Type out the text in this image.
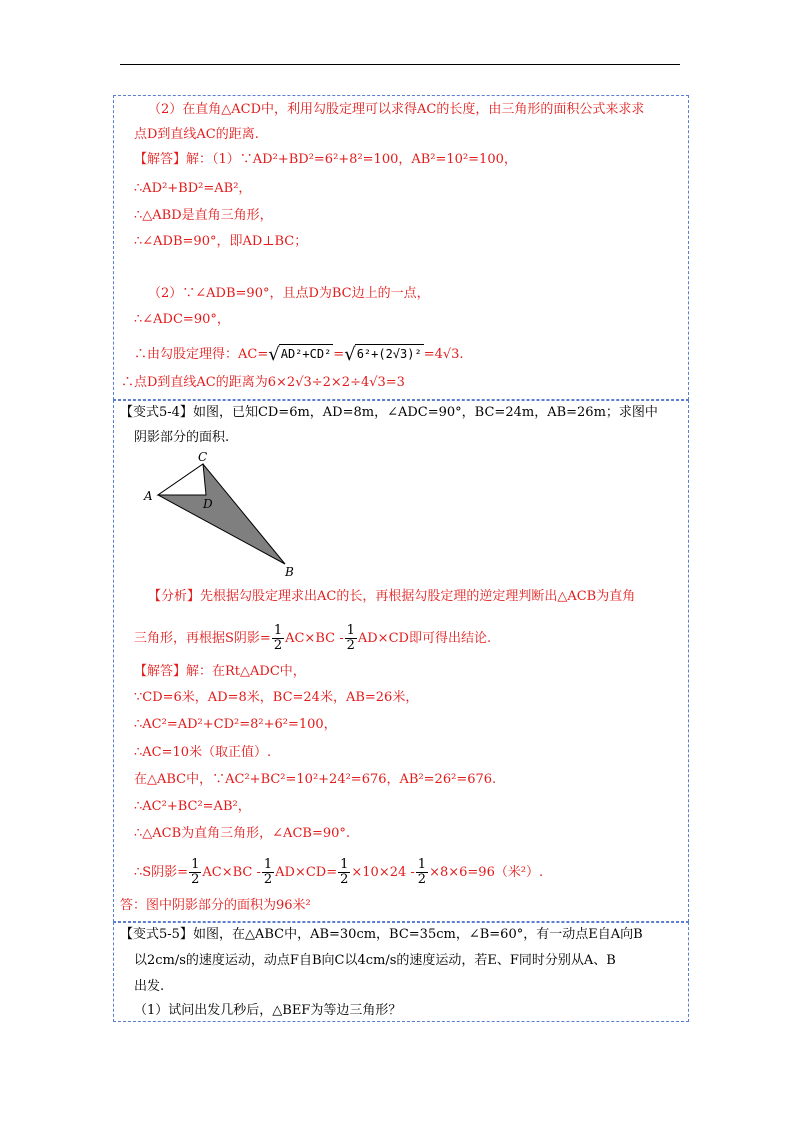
（2）在直角△ACD中，利用勾股定理可以求得AC的长度，由三角形的面积公式来求求
点D到直线AC的距离.
【解答】解：（1）∵AD²+BD²=6²+8²=100，AB²=10²=100，
∴AD²+BD²=AB²，
∴△ABD是直角三角形，
∴∠ADB=90°，即AD⊥BC；
（2）∵∠ADB=90°，且点D为BC边上的一点，
∴∠ADC=90°，
∴由勾股定理得：AC=√AD²+CD² =√6²+(2√3)² =4√3.
∴点D到直线AC的距离为6×2√3÷2×2÷4√3=3
【变式5-4】如图，已知CD=6m，AD=8m，∠ADC=90°，BC=24m，AB=26m；求图中
阴影部分的面积.
C
A
D
B
【分析】先根据勾股定理求出AC的长，再根据勾股定理的逆定理判断出△ACB为直角
三角形，再根据S阴影= $\frac{1}{2} AC\times BC - \frac{1}{2} AD\times CD$即可得出结论.
【解答】解：在Rt△ADC中，
∵CD=6米，AD=8米，BC=24米，AB=26米，
∴AC²=AD²+CD²=8²+6²=100，
∴AC=10米（取正值）.
在△ABC中，∵AC²+BC²=10²+24²=676，AB²=26²=676.
∴AC²+BC²=AB²，
∴△ACB为直角三角形，∠ACB=90°.
∴S阴影= $\frac{1}{2} AC\times BC - \frac{1}{2} AD\times CD= \frac{1}{2} \times 10\times 24 - \frac{1}{2} \times 8\times 6=96$（米²）.
答：图中阴影部分的面积为96米²
【变式5-5】如图，在△ABC中，AB=30cm，BC=35cm，∠B=60°，有一动点E自A向B
以2cm/s的速度运动，动点F自B向C以4cm/s的速度运动，若E、F同时分别从A、B
出发.
（1）试问出发几秒后，△BEF为等边三角形？
